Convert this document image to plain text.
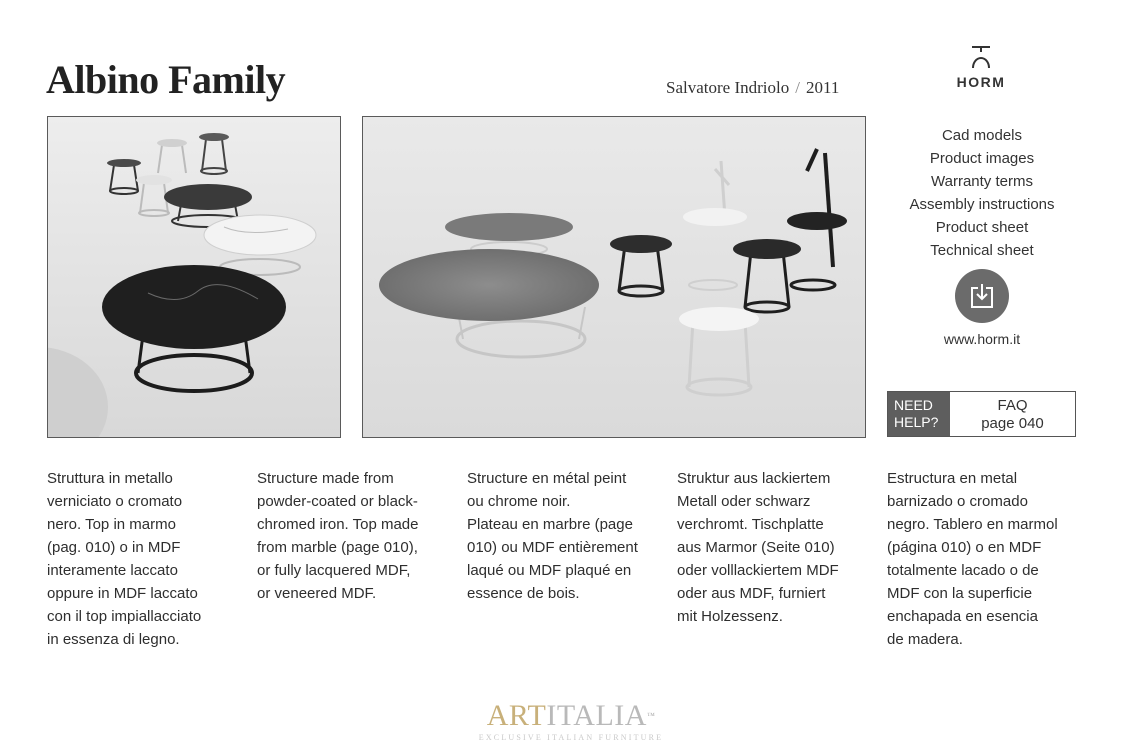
Albino Family	Salvatore Indriolo / 2011	HORM
Cad models
Product images
Warranty terms
Assembly instructions
Product sheet
Technical sheet
www.horm.it
NEED
HELP?
FAQ
page 040

Struttura in metallo
verniciato o cromato
nero. Top in marmo
(pag. 010) o in MDF
interamente laccato
oppure in MDF laccato
con il top impiallacciato
in essenza di legno.

Structure made from
powder-coated or black-
chromed iron. Top made
from marble (page 010),
or fully lacquered MDF,
or veneered MDF.

Structure en métal peint
ou chrome noir.
Plateau en marbre (page
010) ou MDF entièrement
laqué ou MDF plaqué en
essence de bois.

Struktur aus lackiertem
Metall oder schwarz
verchromt. Tischplatte
aus Marmor (Seite 010)
oder volllackiertem MDF
oder aus MDF, furniert
mit Holzessenz.

Estructura en metal
barnizado o cromado
negro. Tablero en marmol
(página 010) o en MDF
totalmente lacado o de
MDF con la superficie
enchapada en esencia
de madera.

ARTITALIA™
EXCLUSIVE ITALIAN FURNITURE
